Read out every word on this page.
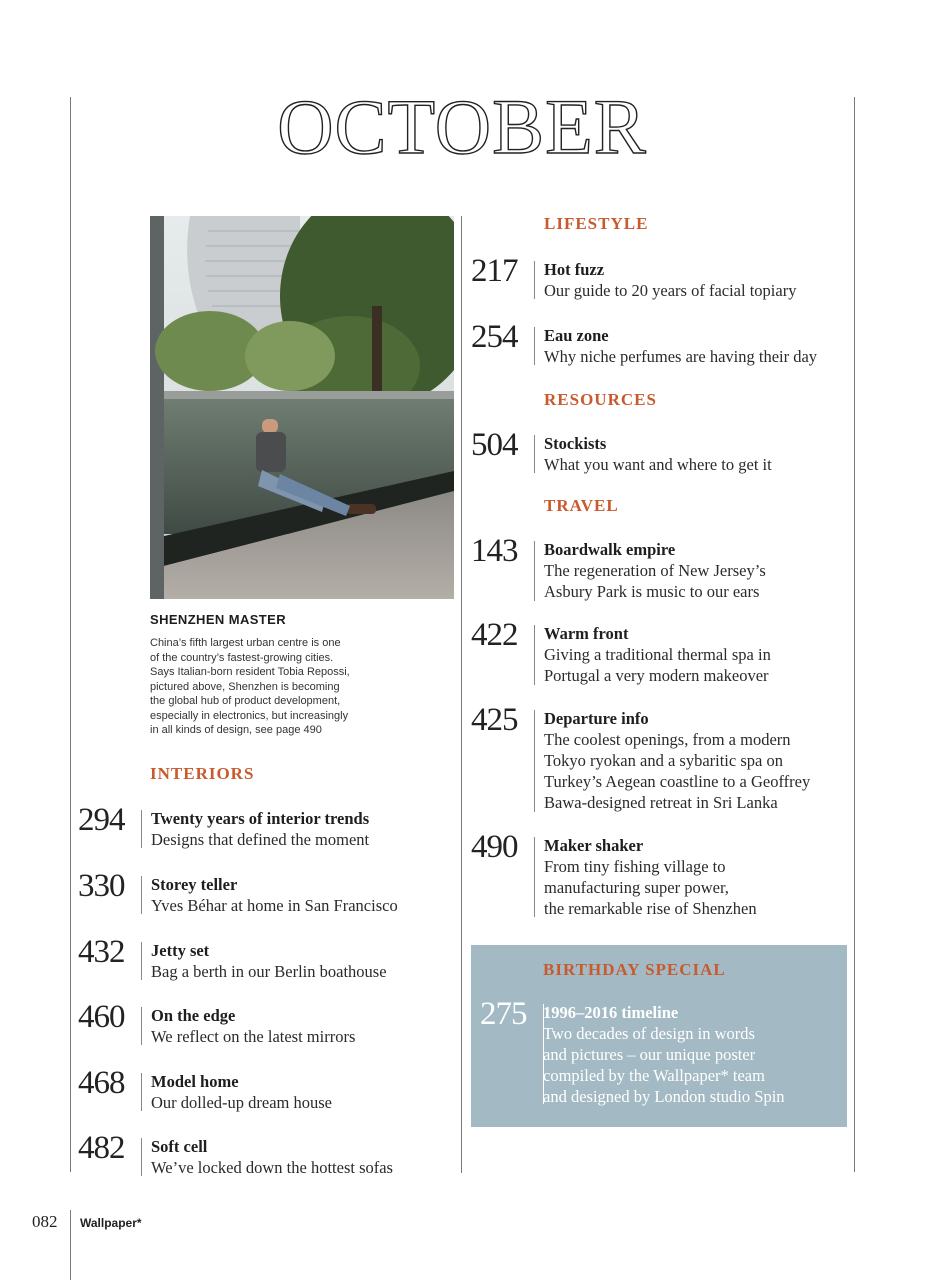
OCTOBER
SHENZHEN MASTER
China’s fifth largest urban centre is one
of the country’s fastest-growing cities.
Says Italian-born resident Tobia Repossi,
pictured above, Shenzhen is becoming
the global hub of product development,
especially in electronics, but increasingly
in all kinds of design, see page 490
INTERIORS
294 Twenty years of interior trends
Designs that defined the moment
330 Storey teller
Yves Béhar at home in San Francisco
432 Jetty set
Bag a berth in our Berlin boathouse
460 On the edge
We reflect on the latest mirrors
468 Model home
Our dolled-up dream house
482 Soft cell
We’ve locked down the hottest sofas
LIFESTYLE
217 Hot fuzz
Our guide to 20 years of facial topiary
254 Eau zone
Why niche perfumes are having their day
RESOURCES
504 Stockists
What you want and where to get it
TRAVEL
143 Boardwalk empire
The regeneration of New Jersey’s
Asbury Park is music to our ears
422 Warm front
Giving a traditional thermal spa in
Portugal a very modern makeover
425 Departure info
The coolest openings, from a modern
Tokyo ryokan and a sybaritic spa on
Turkey’s Aegean coastline to a Geoffrey
Bawa-designed retreat in Sri Lanka
490 Maker shaker
From tiny fishing village to
manufacturing super power,
the remarkable rise of Shenzhen
BIRTHDAY SPECIAL
275 1996–2016 timeline
Two decades of design in words
and pictures – our unique poster
compiled by the Wallpaper* team
and designed by London studio Spin
082 Wallpaper*
